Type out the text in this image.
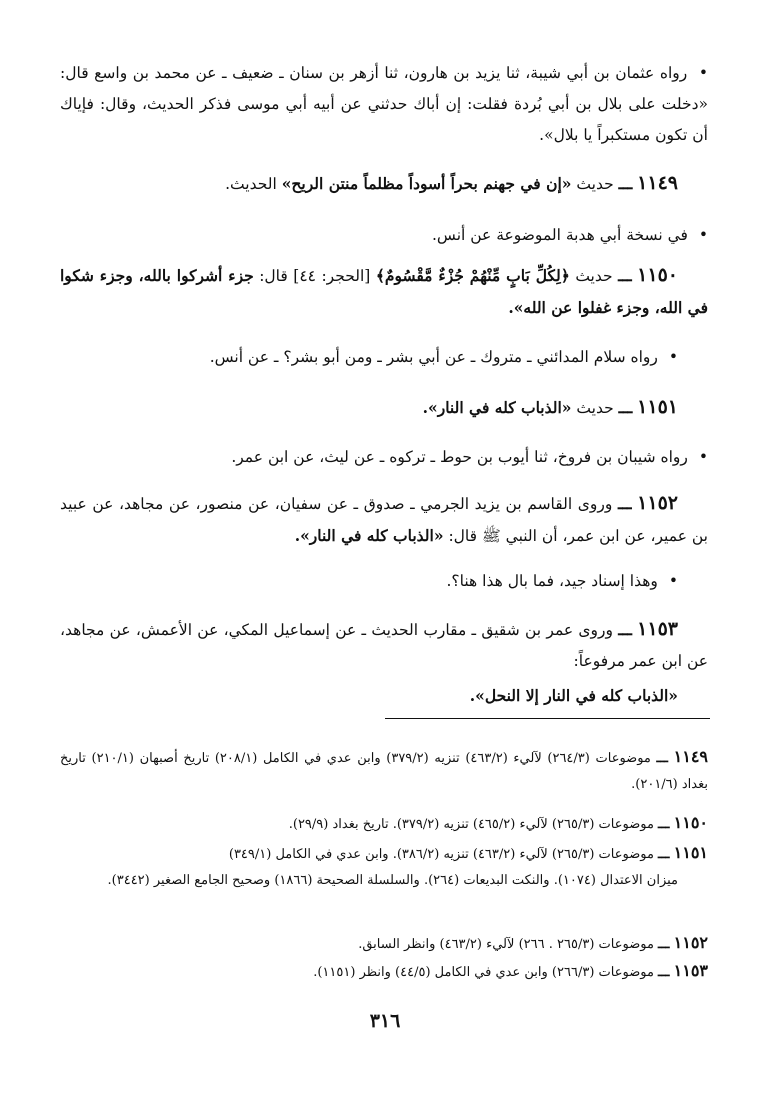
• رواه عثمان بن أبي شيبة، ثنا يزيد بن هارون، ثنا أزهر بن سنان ـ ضعيف ـ عن محمد بن واسع قال: «دخلت على بلال بن أبي بُردة فقلت: إن أباك حدثني عن أبيه أبي موسى فذكر الحديث، وقال: فإياك أن تكون مستكبراً يا بلال».

١١٤٩ ـــ حديث «إن في جهنم بحراً أسوداً مظلماً منتن الريح» الحديث.

• في نسخة أبي هدبة الموضوعة عن أنس.

١١٥٠ ـــ حديث ﴿لِكُلِّ بَابٍ مِّنْهُمْ جُزْءٌ مَّقْسُومٌ﴾ [الحجر: ٤٤] قال: جزء أشركوا بالله، وجزء شكوا في الله، وجزء غفلوا عن الله».

• رواه سلام المدائني ـ متروك ـ عن أبي بشر ـ ومن أبو بشر؟ ـ عن أنس.

١١٥١ ـــ حديث «الذباب كله في النار».

• رواه شيبان بن فروخ، ثنا أيوب بن حوط ـ تركوه ـ عن ليث، عن ابن عمر.

١١٥٢ ـــ وروى القاسم بن يزيد الجرمي ـ صدوق ـ عن سفيان، عن منصور، عن مجاهد، عن عبيد بن عمير، عن ابن عمر، أن النبي ﷺ قال: «الذباب كله في النار».

• وهذا إسناد جيد، فما بال هذا هنا؟.

١١٥٣ ـــ وروى عمر بن شقيق ـ مقارب الحديث ـ عن إسماعيل المكي، عن الأعمش، عن مجاهد، عن ابن عمر مرفوعاً:

«الذباب كله في النار إلا النحل».

١١٤٩ ـــ موضوعات (٢٦٤/٣) لآليء (٤٦٣/٢) تنزيه (٣٧٩/٢) وابن عدي في الكامل (٢٠٨/١) تاريخ أصبهان (٢١٠/١) تاريخ بغداد (٢٠١/٦).

١١٥٠ ـــ موضوعات (٢٦٥/٣) لآليء (٤٦٥/٢) تنزيه (٣٧٩/٢). تاريخ بغداد (٢٩/٩).

١١٥١ ـــ موضوعات (٢٦٥/٣) لآليء (٤٦٣/٢) تنزيه (٣٨٦/٢). وابن عدي في الكامل (٣٤٩/١)

ميزان الاعتدال (١٠٧٤). والنكت البديعات (٢٦٤). والسلسلة الصحيحة (١٨٦٦) وصحيح الجامع الصغير (٣٤٤٢).

١١٥٢ ـــ موضوعات (٢٦٥/٣ . ٢٦٦) لآليء (٤٦٣/٢) وانظر السابق.

١١٥٣ ـــ موضوعات (٢٦٦/٣) وابن عدي في الكامل (٤٤/٥) وانظر (١١٥١).

٣١٦
